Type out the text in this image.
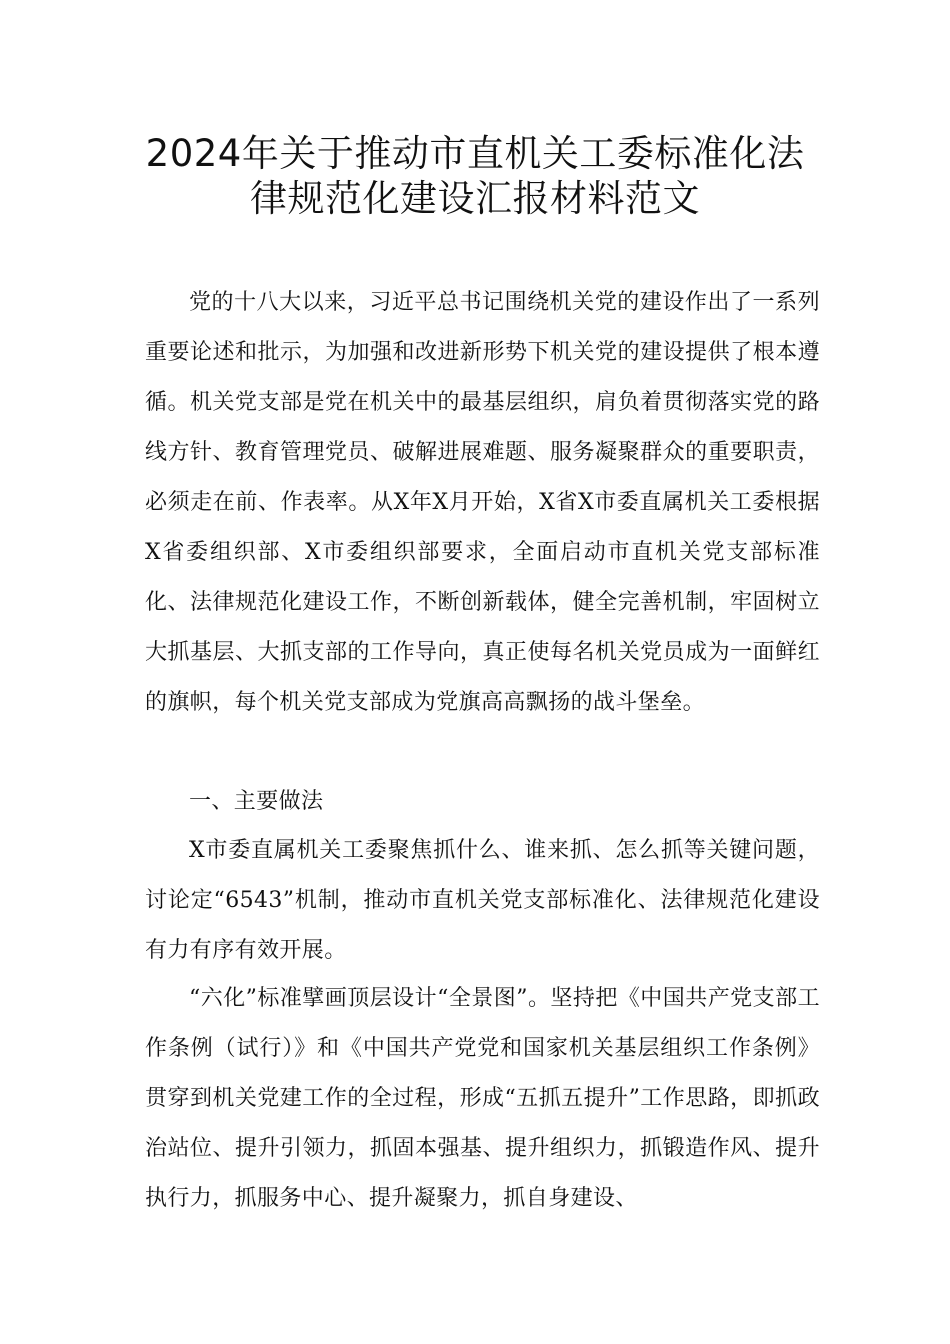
2024年关于推动市直机关工委标准化法
律规范化建设汇报材料范文

党的十八大以来，习近平总书记围绕机关党的建设作出了一系列重要论述和批示，为加强和改进新形势下机关党的建设提供了根本遵循。机关党支部是党在机关中的最基层组织，肩负着贯彻落实党的路线方针、教育管理党员、破解进展难题、服务凝聚群众的重要职责，必须走在前、作表率。从X年X月开始，X省X市委直属机关工委根据X省委组织部、X市委组织部要求，全面启动市直机关党支部标准化、法律规范化建设工作，不断创新载体，健全完善机制，牢固树立大抓基层、大抓支部的工作导向，真正使每名机关党员成为一面鲜红的旗帜，每个机关党支部成为党旗高高飘扬的战斗堡垒。

一、主要做法

X市委直属机关工委聚焦抓什么、谁来抓、怎么抓等关键问题，讨论定“6543”机制，推动市直机关党支部标准化、法律规范化建设有力有序有效开展。

“六化”标准擘画顶层设计“全景图”。坚持把《中国共产党支部工作条例（试行）》和《中国共产党党和国家机关基层组织工作条例》贯穿到机关党建工作的全过程，形成“五抓五提升”工作思路，即抓政治站位、提升引领力，抓固本强基、提升组织力，抓锻造作风、提升执行力，抓服务中心、提升凝聚力，抓自身建设、
